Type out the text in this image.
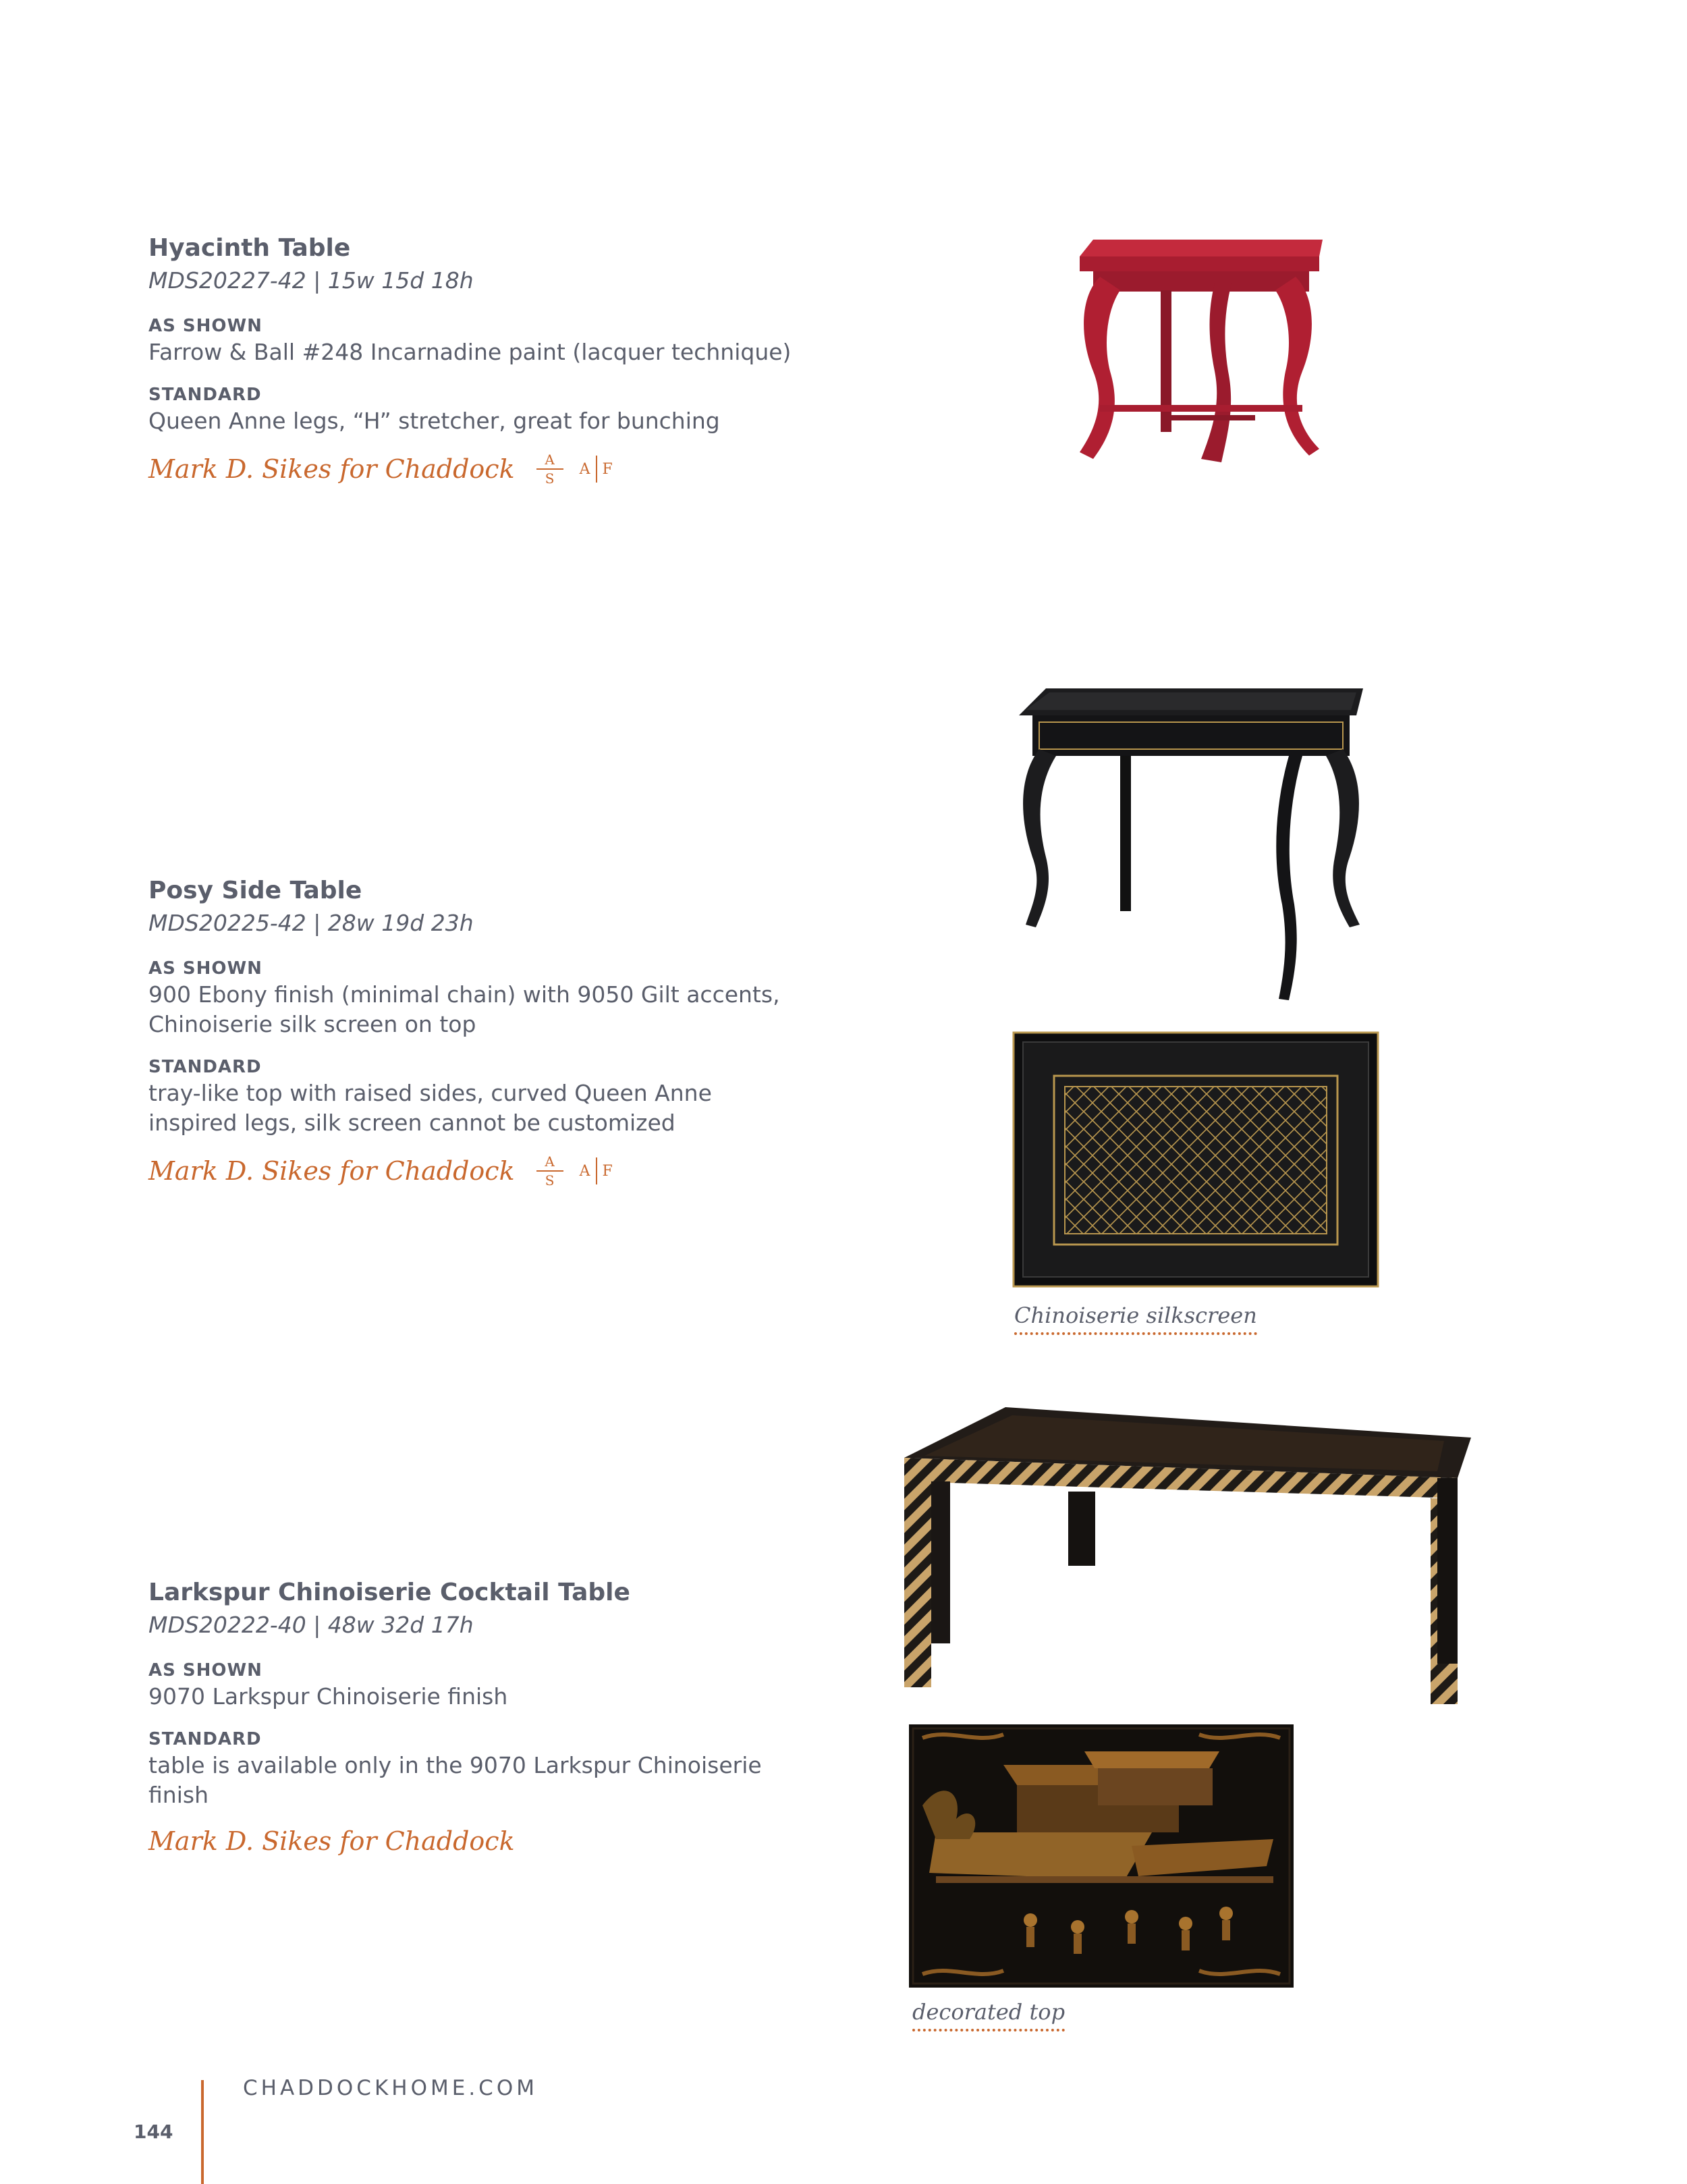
Hyacinth Table
MDS20227-42 | 15w 15d 18h
AS SHOWN
Farrow & Ball #248 Incarnadine paint (lacquer technique)
STANDARD
Queen Anne legs, “H” stretcher, great for bunching
Mark D. Sikes for Chaddock $\frac{A}{S}$ A F
Posy Side Table
MDS20225-42 | 28w 19d 23h
AS SHOWN
900 Ebony finish (minimal chain) with 9050 Gilt accents,
Chinoiserie silk screen on top
STANDARD
tray-like top with raised sides, curved Queen Anne
inspired legs, silk screen cannot be customized
Mark D. Sikes for Chaddock $\frac{A}{S}$ A F
Chinoiserie silkscreen
Larkspur Chinoiserie Cocktail Table
MDS20222-40 | 48w 32d 17h
AS SHOWN
9070 Larkspur Chinoiserie finish
STANDARD
table is available only in the 9070 Larkspur Chinoiserie
finish
Mark D. Sikes for Chaddock
decorated top
CHADDOCKHOME.COM
144
